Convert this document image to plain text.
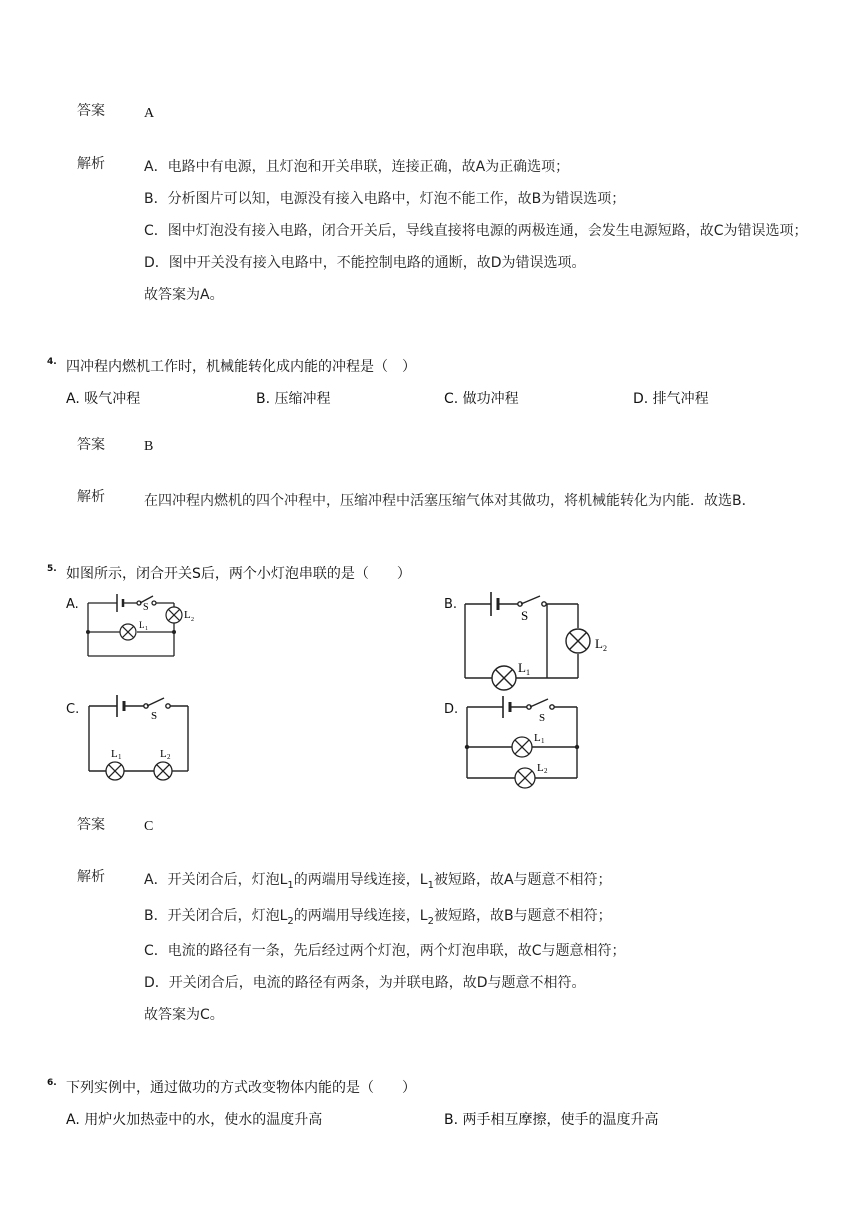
答案	A
解析	A．电路中有电源，且灯泡和开关串联，连接正确，故A为正确选项；
B．分析图片可以知，电源没有接入电路中，灯泡不能工作，故B为错误选项；
C．图中灯泡没有接入电路，闭合开关后，导线直接将电源的两极连通，会发生电源短路，故C为错误选项；
D．图中开关没有接入电路中，不能控制电路的通断，故D为错误选项。
故答案为A。
4. 四冲程内燃机工作时，机械能转化成内能的冲程是（　）
A. 吸气冲程	B. 压缩冲程	C. 做功冲程	D. 排气冲程
答案	B
解析	在四冲程内燃机的四个冲程中，压缩冲程中活塞压缩气体对其做功，将机械能转化为内能．故选B．
5. 如图所示，闭合开关S后，两个小灯泡串联的是（　　）
A.	B.
C.	D.
S
L 2
L 1
S
L 2
L 1
S
L 1	L 2
S
L 1
L 2
答案	C
解析	A．开关闭合后，灯泡$L_1$的两端用导线连接，$L_1$被短路，故A与题意不相符；
B．开关闭合后，灯泡$L_2$的两端用导线连接，$L_2$被短路，故B与题意不相符；
C．电流的路径有一条，先后经过两个灯泡，两个灯泡串联，故C与题意相符；
D．开关闭合后，电流的路径有两条，为并联电路，故D与题意不相符。
故答案为C。
6. 下列实例中，通过做功的方式改变物体内能的是（　　）
A. 用炉火加热壶中的水，使水的温度升高	B. 两手相互摩擦，使手的温度升高
